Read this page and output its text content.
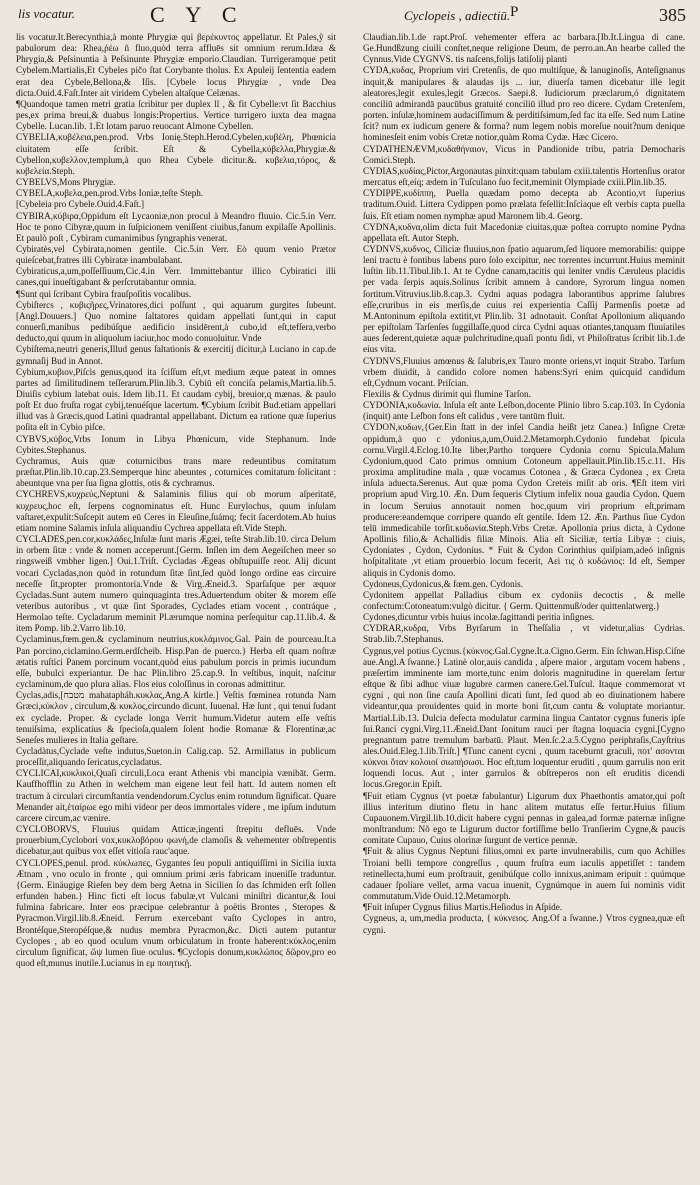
lis vocatur.	C Y C	Cyclopeis , adiectiū. P	385

lis vocatur.It.Berecynthia,à monte Phrygiæ qui βερέκυντος appellatur. Et Pales,ŷ sit pabulorum dea: Rhea,ῥέω ñ fluo,quòd terra affluēs sit omnium rerum.Idæa & Phrygia,& Peſsinuntia à Peſsinunte Phrygiæ emporio.Claudian. Turrigeramque petit Cybelem.Martialis,Et Cybeles pičo ſtat Corybante tholus. Ex Apuleij ſententia eadem erat dea Cybele,Bellona,& Iſis. [Cybele locus Phrygiæ , vnde Dea dicta.Ouid.4.Faſt.Inter ait viridem Cybelen altaſque Celænas.

¶Quandoque tamen metri gratia ſcribitur per duplex ll , & fit Cybelle:vt ſit Bacchius pes,ex prima breui,& duabus longis:Propertius. Vertice turrigero iuxta dea magna Cybelle. Lucan.lib. 1.Et lotam paruo reuocant Almone Cybellen.

CYBELIA,κυβέλεια,pen.prod. Vrbs Ionię.Steph.Herod.Cybelen,κυβέλη, Phœnicia ciuitatem eſſe ſcribit. Eſt & Cybella,κύβελλα,Phrygiæ.& Cybellon,κυβελλον,templum,à quo Rhea Cybele dicitur.&. κυβελια,τόρος, & κυβελεία.Steph.

CYBELVS,Mons Phrygiæ.

CYBELA,κυβελα,pen.prod.Vrbs Ioniæ,teſte Steph.

[Cybeleia pro Cybele.Ouid.4.Faſt.]

CYBIRA,κύβιρα,Oppidum eſt Lycaoniæ,non procul à Meandro fluuio. Cic.5.in Verr. Hoc te pono Cibyræ,quum in ſuſpicionem veniſſent ciuibus,fanum expilaſſe Apollinis. Et paulò poſt , Cybiram cumanimibus ſyngraphis venerat.

Cybiratès,vel Cybirata,nomen gentile. Cic.5.in Verr. Eò quum venio Prætor quieſcebat,fratres illi Cybiratæ inambulabant.

Cybiraticus,a,um,poſſeſſiuum,Cic.4.in Verr. Immittebantur illico Cybiratici illi canes,qui inueſtigabant & perſcrutabantur omnia.

¶Sunt qui ſcribant Cybira frauſpoſitis vocalibus.

Cybiſtercs , κυβιςῆρες,Vrinatores,dici poſſunt , qui aquarum gurgites ſubeunt.[Angl.Douuers.] Quo nomine ſaltatores quidam appellati ſunt,qui in caput conuerſi,manibus pedibúſque aedificio insidērent,à cubo,id eſt,tefſera,verbo deducto,qui quum in aliquolum iaciur,hoc modo conuoluitur. Vnde

Cybiſtema,neutri generis,Illud genus ſaltationis & exercitij dicitur,à Luciano in cap.de gymnaſij Bud in Annot.

Cybium,κυβιον,Piſcis genus,quod ita ſciſſum eſt,vt medium æque pateat in omnes partes ad ſimilitudinem teſſerarum.Plin.lib.3. Cybiū eſt conciſa pelamis,Martia.lib.5. Diuiſis cybium latebat ouis. Idem lib.11. Et caudam cybij, breuior,ɋ mænas. & paulo poſt Et duo fruſta rogat cybij,tenuéſque lacertum. ¶Cybium ſcribit Bud.etiam appellari illud vas à Græcis,quod Latini quadrantal appellabant. Dictum ea ratione quæ ſuperius poſita eſt in Cybio piſce.

CYBVS,κύβος,Vrbs Ionum in Libya Phœnicum, vide Stephanum. Inde Cybites.Stephanus.

Cychramus, Auis quæ coturnicibus trans mare redeuntibus comitatum præſtat.Plin.lib.10.cap.23.Semperque hinc abeuntes , coturnices comitatum ſolicitant : abeuntque vna per ſua ſigna glottis, otis & cychramus.

CYCHREVS,κυχρεύς,Neptuni & Salaminis filius qui ob morum aſperitatē, κυχρευς,hoc eſt, ſerpens cognominatus eſt. Hunc Eurylochus, quum inſulam vaſtaret,expulit:Suſcepit autem eū Ceres in Eleuſine,ſuámq; fecit ſacerdotem.Ab huius etiam nomine Salamis inſula aliquandiu Cychrea appellata eſt.Vide Steph.

CYCLADES,pen.cor,κυκλάδες,Inſulæ ſunt maris Ægæi, teſte Strab.lib.10. circa Delum in orbem ſitæ : vnde & nomen acceperunt.[Germ. Inſlen im dem Aegeiſchen meer so ringsweiß vmbher ligen.] Oui.1.Triſt. Cycladas Ægeas obſtupuiſſe reor. Alij dicunt vocari Cycladas,non quòd in rotundum ſitæ ſint,ſed quòd longo ordine eas circuire neceſſe ſit,propter promontoria.Vnde & Virg.Æneid.3. Sparſaſque per æquor Cycladas.Sunt autem numero quinquaginta tres.Aduertendum obiter & morem eſſe veteribus autoribus , vt quæ ſint Sporades, Cyclades etiam vocent , contráque , Hermolao teſte. Cycladarum meminit Pl.ærumque nomina perſequitur cap.11.lib.4. & item Pomp. lib.2.Varro lib.10.

Cyclaminus,fœm.gen.& cyclaminum neutrius,κυκλάμινος.Gal. Pain de pourceau.It.a Pan porcino,ciclamino.Germ.erdſcheib. Hisp.Pan de puerco.} Herba eſt quam noſtræ ætatis ruſtici Panem porcinum vocant,quòd eius pabulum porcis in primis iucundum eſſe, bubulci experiantur. De hac Plin.libro 25.cap.9. In veſtibus, inquit, naſcitur cyclaminum,de quo plura alias. Flos eius coloſſinus in coronas admittitur.

Cyclas,adis,[מטבח mahatapháh.κυκλας,Ang.A kirtle.] Veſtis fœminea rotunda Nam Græci,κύκλον , circulum,& κυκλος,circundo dicunt. Iuuenal. Hæ ſunt , qui tenui ſudant ex cyclade. Proper. & cyclade longa Verrit humum.Videtur autem eſſe veſtis tenuiſsima, explicatius & ſpecioſa,qualem ſolent hodie Romanæ & Florentinæ,ac Seneſes mulieres in Italia geſtare.

Cycladàtus,Cyclade veſte indutus,Sueton.in Calig.cap. 52. Armillatus in publicum proceſſit,aliquando ſericatus,cycladatus.

CYCLICAI,κυκλικοί,Quaſi circuli,Loca erant Athenis vbi mancipia vænibāt. Germ. Kauffhofflin zu Athen in welchem man eigene leut feil hatt. Id autem nomen eſt tractum à circulari circumſtantia vendendorum.Cyclus enim rotundum ſignificat. Quare Menander ait,ἑταίρωε ego mihi videor per deos immortales videre , me ipſum indutum carcere circum,ac vænire.

CYCLOBORVS, Fluuius quidam Atticæ,ingenti ſtrepitu defluēs. Vnde prouerbium,Cyclobori vox,κυκλοβόρου φωνή,de clamoſis & vehementer obſtrepentis dicebatur,aut quibus vox eſſet vitioſa rauc'aque.

CYCLOPES,penul. prod. κύκλωπες, Gygantes ſeu populi antiquiſſimi in Sicilia iuxta Ætnam , vno oculo in fronte , qui omnium primi æris fabricam inueniſſe traduntur.{Germ. Einäugige Rieſen bey dem berg Aetna in Sicilien ſo das ſchmiden erſt ſollen erfunden haben.} Hinc ficti eſt locus fabulæ,vt Vulcani miniſtri dicantur,& Ioui fulmina fabricare. Inter eos præcipue celebrantur à poëtis Brontes , Steropes & Pyracmon.Virgil.lib.8.Æneid. Ferrum exercebant vaſto Cyclopes in antro, Brontéſque,Steropéſque,& nudus membra Pyracmon,&c. Dicti autem putantur Cyclopes , ab eo quod oculum vnum orbiculatum in fronte haberent:κύκλος,enim circulum ſignificat, ὤψ lumen ſiue oculus. ¶Cyclopis donum,κυκλώπος δῶρον,pro eo quod eſt,munus inutile.Lucianus in εμ ποιητικῇ.

Claudian.lib.1.de rapt.Proſ. vehementer effera ac barbara.[Ib.It.Lingua di cane. Ge.Hundßzung ciuili conſtet,neque religione Deum, de perro.an.An hearbe called the Cynnus.Vide CYGNVS. tis naſcens,folijs latiſolij planti

CYDA,κυδας, Proprium viri Cretenſis, de quo multiſque, & lanuginoſis, Anteſignanus inquit,& manipulares & alaudas ijs ... iur, diuerſa tamen dicebatur ille legit aleatores,legit exules,legit Græcos. Saepi.8. Iudiciorum præclarum,ó dignitatem conciliū admirandā paucūbus gratuité conciliū illud pro reo dicere. Cydam Cretenſem, porten. inſulæ,hominem audaciſſimum & perditiſsimum,ſed fac ita eſſe. Sed num Latine ſcit? num ex iudicum genere & forma? num legem nobis moreſue nouit?num denique hominesſeit enim vobis Cretæ notior,quàm Roma Cydæ. Hæc Cicero.

CYDATHENÆVM,κυδαθήναιον, Vicus in Pandionide tribu, patria Democharis Comici.Steph.

CYDIAS,κυδίας,Pictor,Argonautas pinxit:quam tabulam cxiii.talentis Hortenſius orator mercatus eſt,eíq; ædem in Tuſculano ſuo fecit,meminit Olympiade cxiii.Plin.lib.35.

CYDIPPE,κυδίππη, Puella quædam pomo decepta ab Acontio,vt ſuperius traditum.Ouid. Littera Cydippen pomo prælata feſellit:Inſciaque eſt verbis capta puella ſuis. Eſt etiam nomen nymphæ apud Maronem lib.4. Georg.

CYDNA,κυδνα,olim dicta fuit Macedoniæ ciuitas,quæ poſtea corrupto nomine Pydna appellata eſt. Autor Steph.

CYDNVS,κυδνος, Ciliciæ fluuius,non ſpatio aquarum,ſed liquore memorabilis: quippe leni tractu è fontibus labens puro ſolo excipitur, nec torrentes incurrunt.Huius meminit Iuſtin lib.11.Tibul.lib.1. At te Cydne canam,tacitis qui leniter vndis Cæruleus placidis per vada ſerpis aquis.Solinus ſcribit amnem à candore, Syrorum lingua nomen ſortitum.Vitruvius.lib.8.cap.3. Cydni aquas podagra laborantibus apprime ſalubres eſſe,cruribus in eis merſis,de cuius rei experientia Caſſij Parmenſis poetæ ad M.Antoninum epiſtola extitit,vt Plin.lib. 31 adnotauit. Conſtat Apollonium aliquando per epiſtolam Tarſenſes ſuggillaſſe,quod circa Cydni aquas otiantes,tanquam fluuiatiles aues ſederent,quietæ aquæ pulchritudine,quaſi pontu ſidi, vt Philoſtratus ſcribit lib.1.de eius vita.

CYDNVS,Fluuius amœnus & ſalubris,ex Tauro monte oriens,vt inquit Strabo. Tarſum vrbem diuidit, à candido colore nomen habens:Syri enim quicquid candidum eſt,Cydnum vocant. Priſcian.

Flexilis & Cydnus dirimit qui flumine Tarſon.

CYDONIA,κυδωνία. Inſula eſt ante Leſbon,docente Plinio libro 5.cap.103. In Cydonia (inquit) ante Leſbon fons eſt calidus , vere tantūm fluit.

CYDON,κυδων,{Ger.Ein ſtatt in der inſel Candia heißt jetz Canea.} Inſigne Cretæ oppidum,à quo c ydonius,a,um,Ouid.2.Metamorph.Cydonio fundebat ſpicula cornu.Virgil.4.Eclog.10.Ite liber,Partho torquere Cydonia cornu Spicula.Malum Cydonium,quod Cato primus omnium Cotoneum appellauit.Plin.lib.15.c.11. His proxima amplitudine mala , quæ vocamus Cotonea , & Græca Cydonea , ex Creta inſula aduecta.Serenus. Aut quæ poma Cydon Creteis miſit ab oris. ¶Eſt item viri proprium apud Virg.10. Æn. Dum ſequeris Clytium infelix noua gaudia Cydon. Quem in locum Seruius annotauit nomen hoc,quum viri proprium eſt,primam producere:eandemque corripere quando eſt gentile. Idem 12. Æn. Parthus ſiue Cydon telū immedicabile torſit.κυδωνία.Steph.Vrbs Cretæ. Apollonia prius dicta, à Cydone Apollinis filio,& Achallidis filiæ Minois. Alia eſt Siciliæ, tertia Libyæ : ciuis, Cydoniates , Cydon, Cydonius. * Fuit & Cydon Corinthius quiſpiam,adeó inſignis hoſpitalitate ,vt etiam prouerbio locum fecerit, Αεὶ τις ὁ κυδώνιος: Id eſt, Semper aliquis in Cydonis domo.

Cydoneus,Cydonicus,& fœm.gen. Cydonis.

Cydonitem appellat Palladius cibum ex cydoniis decoctis , & melle confectum:Cotoneatum:vulgò dicitur. { Germ. Quittenmuß/oder quittenlatwerg.}

Cydones,dicuntur vrbis huius incolæ.ſagittandi peritia inſignes.

CYDRAR,κυδρα, Vrbs Byrſarum in Theſſalia , vt videtur,alias Cydrias. Strab.lib.7.Stephanus.

Cygnus,vel potius Cycnus.{κύκνος.Gal.Cygne.It.a.Cigno.Germ. Ein ſchwan.Hisp.Ciſne aue.Angl.A ſwanne.} Latinè olor,auis candida , aſpere maior , argutam vocem habens , præſertim imminente iam morte,tunc enim doloris magnitudine in querelam ſertur eſtque & ſibi adhuc viuæ lugubre carmen canere.Gel.Tuſcul. Itaque commemorat vt cygni , qui non ſine cauſa Apollini dicati ſunt, ſed quod ab eo diuinationem habere videantur,qua prouidentes quid in morte boni ſit,cum cantu & voluptate moriantur. Martial.Lib.13. Dulcia defecta modulatur carmina lingua Cantator cygnus funeris ipſe ſui.Ranci cygni.Virg.11.Æneid.Dant ſonitum rauci per ſtagna loquacia cygni.[Cygno pregnantum patre tremulum barbatū. Plaut. Men.ſc.2.a.5.Cygno periphraſis,Cayſtrius ales.Ouid.Eleg.1.lib.Triſt.] ¶Tunc canent cycni , quum taceburnt graculi, ποτ' ασονται κύκνοι ὅταν κολοιοί σιωπήσωσι. Hoc eſt,tum loquentur eruditi , quum garrulis non erit loquendi locus. Aut , inter garrulos & obſtreperos non eſt eruditis dicendi locus.Gregor.in Epiſt.

¶Fuit etiam Cygnus (vt poetæ fabulantur) Ligurum dux Phaethontis amator,qui poſt illius interitum diutino fletu in hanc alitem mutatus eſſe fertur.Huius filium Cupauonem.Virgil.lib.10.dicit habere cygni pennas in galea,ad formæ paternæ inſigne monſtrandum: Nõ ego te Ligurum ductor fortiſſime bello Tranſierim Cygne,& paucis comitate Cupauo, Cuius olorinæ ſurgunt de vertice pennæ.

¶Fuit & alius Cygnus Neptuni filius,omni ex parte invulnerabilis, cum quo Achilles Troiani belli tempore congreſſus , quum fruſtra eum iaculis appetiſſet : tandem retinellecta,humi eum proſtrauit, genibúſque collo innixus,animam eripuit : quúmque cadauer ſpoliare vellet, arma vacua inuenit, Cygnúmque in auem ſui nominis vidit commutatum.Vide Ouid.12.Metamorph.

¶Fuit inſuper Cygnus filius Martis.Heſiodus in Aſpide.

Cygneus, a, um,media producta, { κύκνειος. Ang.Of a ſwanne.} Vtros cygnea,quæ eſt cygni.
